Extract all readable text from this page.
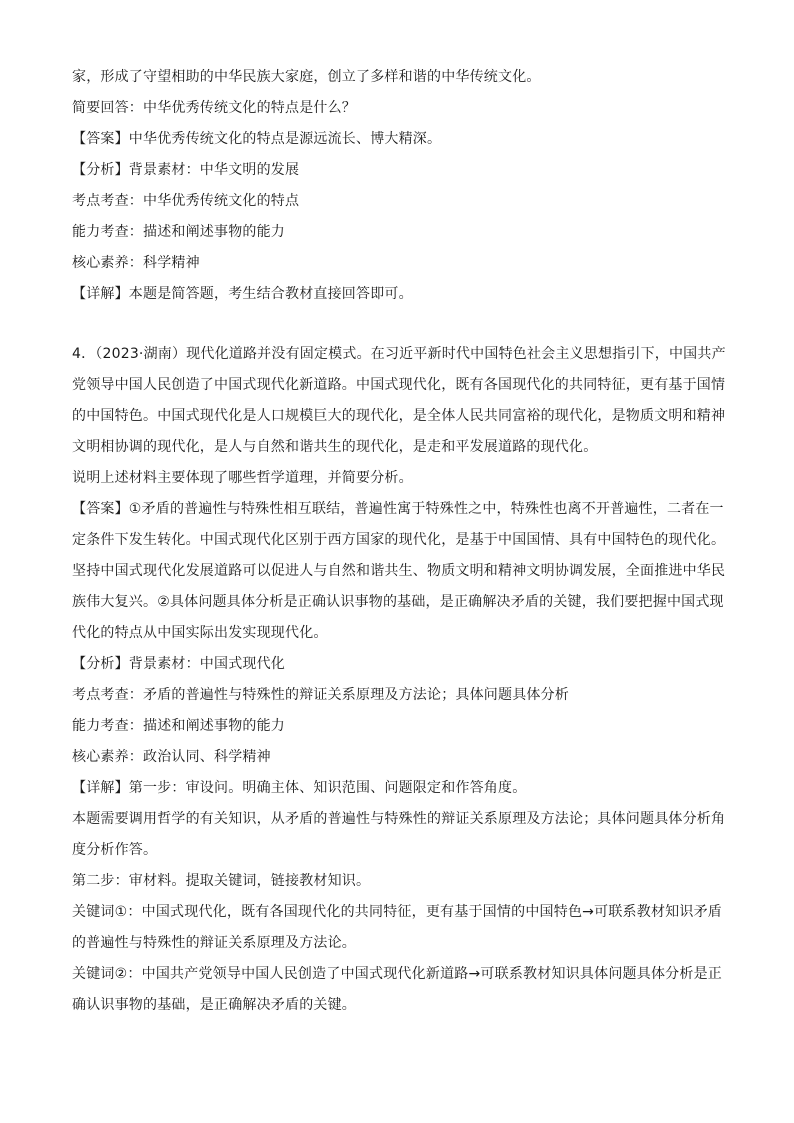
家，形成了守望相助的中华民族大家庭，创立了多样和谐的中华传统文化。
简要回答：中华优秀传统文化的特点是什么？
【答案】中华优秀传统文化的特点是源远流长、博大精深。
【分析】背景素材：中华文明的发展
考点考查：中华优秀传统文化的特点
能力考查：描述和阐述事物的能力
核心素养：科学精神
【详解】本题是简答题，考生结合教材直接回答即可。
4．（2023·湖南）现代化道路并没有固定模式。在习近平新时代中国特色社会主义思想指引下，中国共产
党领导中国人民创造了中国式现代化新道路。中国式现代化，既有各国现代化的共同特征，更有基于国情
的中国特色。中国式现代化是人口规模巨大的现代化，是全体人民共同富裕的现代化，是物质文明和精神
文明相协调的现代化，是人与自然和谐共生的现代化，是走和平发展道路的现代化。
说明上述材料主要体现了哪些哲学道理，并简要分析。
【答案】①矛盾的普遍性与特殊性相互联结，普遍性寓于特殊性之中，特殊性也离不开普遍性，二者在一
定条件下发生转化。中国式现代化区别于西方国家的现代化，是基于中国国情、具有中国特色的现代化。
坚持中国式现代化发展道路可以促进人与自然和谐共生、物质文明和精神文明协调发展，全面推进中华民
族伟大复兴。②具体问题具体分析是正确认识事物的基础，是正确解决矛盾的关键，我们要把握中国式现
代化的特点从中国实际出发实现现代化。
【分析】背景素材：中国式现代化
考点考查：矛盾的普遍性与特殊性的辩证关系原理及方法论；具体问题具体分析
能力考查：描述和阐述事物的能力
核心素养：政治认同、科学精神
【详解】第一步：审设问。明确主体、知识范围、问题限定和作答角度。
本题需要调用哲学的有关知识，从矛盾的普遍性与特殊性的辩证关系原理及方法论；具体问题具体分析角
度分析作答。
第二步：审材料。提取关键词，链接教材知识。
关键词①：中国式现代化，既有各国现代化的共同特征，更有基于国情的中国特色→可联系教材知识矛盾
的普遍性与特殊性的辩证关系原理及方法论。
关键词②：中国共产党领导中国人民创造了中国式现代化新道路→可联系教材知识具体问题具体分析是正
确认识事物的基础，是正确解决矛盾的关键。
